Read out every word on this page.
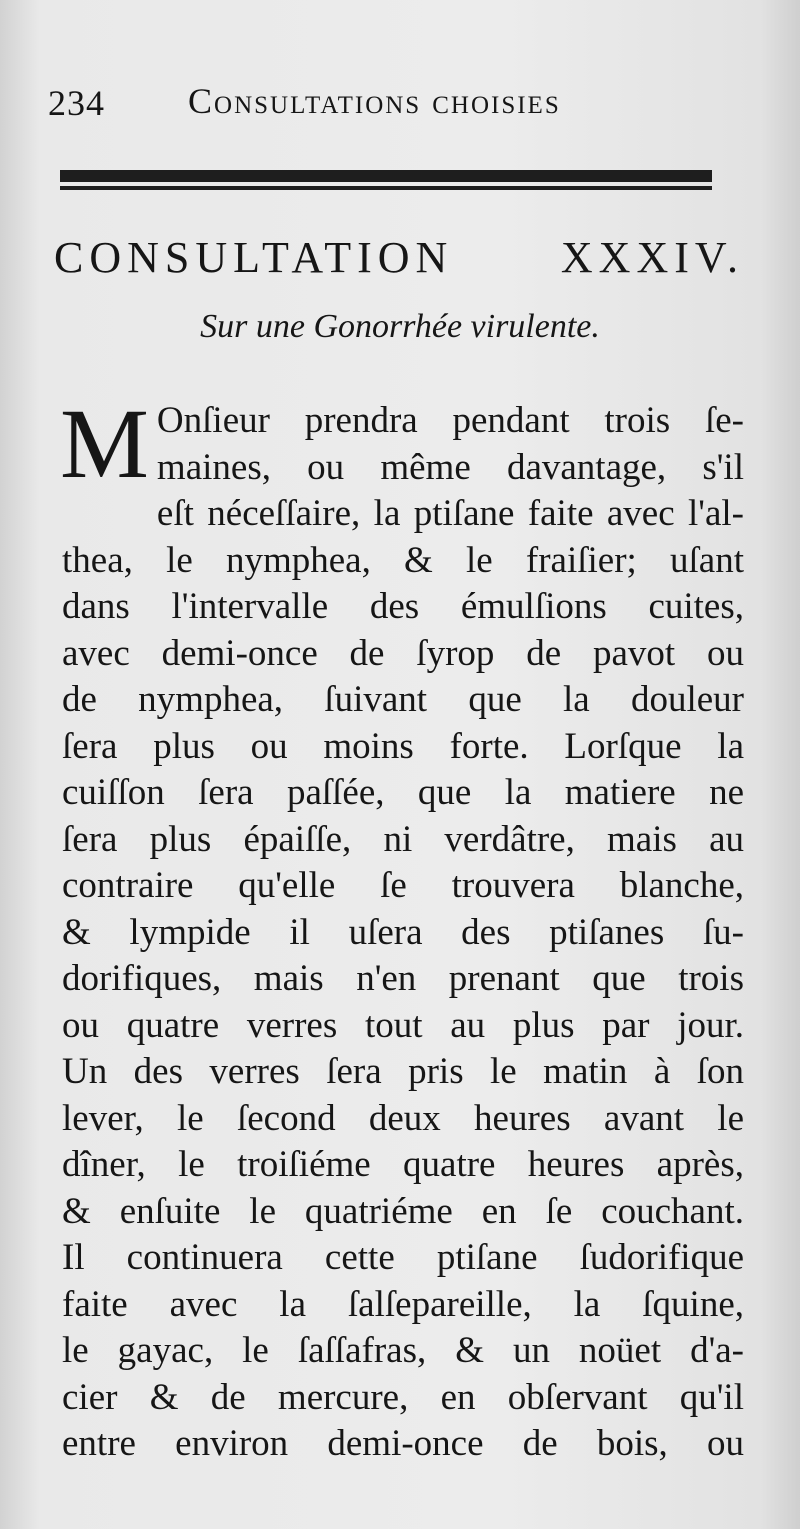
234 Consultations choisies
CONSULTATION XXXIV.
Sur une Gonorrhée virulente.
M Onſieur prendra pendant trois ſe-
maines, ou même davantage, s'il
eſt néceſſaire, la ptiſane faite avec l'al-
thea, le nymphea, & le fraiſier; uſant
dans l'intervalle des émulſions cuites,
avec demi-once de ſyrop de pavot ou
de nymphea, ſuivant que la douleur
ſera plus ou moins forte. Lorſque la
cuiſſon ſera paſſée, que la matiere ne
ſera plus épaiſſe, ni verdâtre, mais au
contraire qu'elle ſe trouvera blanche,
& lympide il uſera des ptiſanes ſu-
dorifiques, mais n'en prenant que trois
ou quatre verres tout au plus par jour.
Un des verres ſera pris le matin à ſon
lever, le ſecond deux heures avant le
dîner, le troiſiéme quatre heures après,
& enſuite le quatriéme en ſe couchant.
Il continuera cette ptiſane ſudorifique
faite avec la ſalſepareille, la ſquine,
le gayac, le ſaſſafras, & un noüet d'a-
cier & de mercure, en obſervant qu'il
entre environ demi-once de bois, ou
